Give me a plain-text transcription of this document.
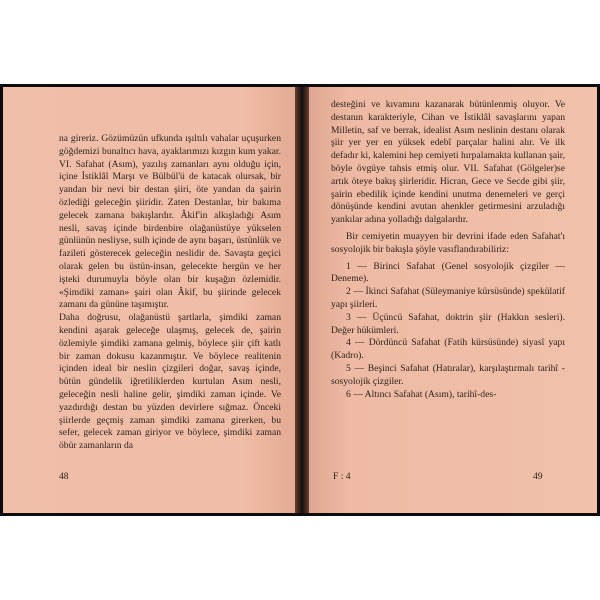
na gireriz. Gözümüzün ufkunda ışıltılı vahalar uçuşurken göğdemizi bunaltıcı hava, ayaklarımızı kızgın kum yakar. VI. Safahat (Asım), yazılış zamanları aynı olduğu için, içine İstiklâl Marşı ve Bülbül'ü de katacak olursak, bir yandan bir nevi bir destan şiiri, öte yandan da şairin özlediği geleceğin şiiridir. Zaten Destanlar, bir bakıma gelecek zamana bakışlardır. Âkif'in alkışladığı Asım nesli, savaş içinde birdenbire olağanüstüye yükselen günlünün nesliyse, sulh içinde de aynı başarı, üstünlük ve fazileti gösterecek geleceğin neslidir de. Savaşta geçici olarak gelen bu üstün-insan, gelecekte hergün ve her işteki durumuyla böyle olan bir kuşağın özlemidir. «Şimdiki zaman» şairi olan Âkif, bu şiirinde gelecek zamanı da gününe taşımıştır.

Daha doğrusu, olağanüstü şartlarla, şimdiki zaman kendini aşarak geleceğe ulaşmış, gelecek de, şairin özlemiyle şimdiki zamana gelmiş, böylece şiir çift katlı bir zaman dokusu kazanmıştır. Ve böylece realitenin içinden ideal bir neslin çizgileri doğar, savaş içinde, bütün gündelik iğretiliklerden kurtulan Asım nesli, geleceğin nesli haline gelir, şimdiki zaman içinde. Ve yazdırdığı destan bu yüzden devirlere sığmaz. Önceki şiirlerde geçmiş zaman şimdiki zamana girerken, bu sefer, gelecek zaman giriyor ve böylece, şimdiki zaman öbür zamanların da

48

desteğini ve kıvamını kazanarak bütünlenmiş oluyor. Ve destanın karakteriyle, Cihan ve İstiklâl savaşlarını yapan Milletin, saf ve berrak, idealist Asım neslinin destanı olarak şiir yer yer en yüksek edebî parçalar halini alır. Ve ilk defadır ki, kalemini hep cemiyeti hırpalamakta kullanan şair, böyle övgüye tahsis etmiş olur. VII. Safahat (Gölgeler)se artık öteye bakış şiirleridir. Hicran, Gece ve Secde gibi şiir, şairin ebedilik içinde kendini unutma denemeleri ve gerçi dönüşünde kendini avutan ahenkler getirmesini arzuladığı yankılar adına yolladığı dalgalardır.

Bir cemiyetin muayyen bir devrini ifade eden Safahat'ı sosyolojik bir bakışla şöyle vasıflandırabiliriz:

1 — Birinci Safahat (Genel sosyolojik çizgiler — Deneme).

2 — İkinci Safahat (Süleymaniye kürsüsünde) spekülatif yapı şiirleri.

3 — Üçüncü Safahat, doktrin şiir (Hakkın sesleri). Değer hükümleri.

4 — Dördüncü Safahat (Fatih kürsüsünde) siyasî yapı (Kadro).

5 — Beşinci Safahat (Hatıralar), karşılaştırmalı tarihî - sosyolojik çizgiler.

6 — Altıncı Safahat (Asım), tarihî-des-

F : 4	49
